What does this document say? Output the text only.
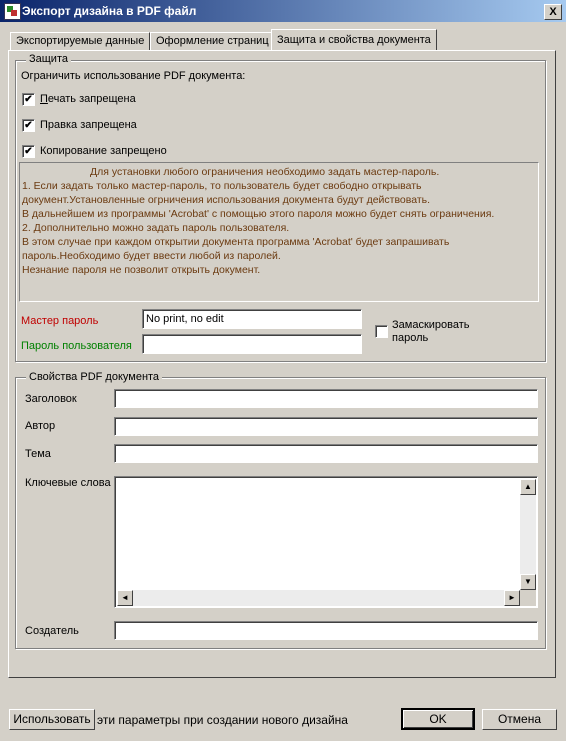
Экспорт дизайна в PDF файл	X
Экспортируемые данные	Оформление страниц Защита и свойства документа
Защита
Ограничить использование PDF документа:
✔ Печать запрещена
✔ Правка запрещена
✔ Копирование запрещено
Для установки любого ограничения необходимо задать мастер-пароль.
1. Если задать только мастер-пароль, то пользователь будет свободно открывать
документ.Установленные огрничения использования документа будут действовать.
В дальнейшем из программы 'Acrobat' с помощью этого пароля можно будет снять ограничения.
2. Дополнительно можно задать пароль пользователя.
В этом случае при каждом открытии документа программа 'Acrobat' будет запрашивать
пароль.Необходимо будет ввести любой из паролей.
Незнание пароля не позволит открыть документ.
Мастер пароль	No print, no edit
Пароль пользователя
Замаскировать
пароль
Свойства PDF документа
Заголовок
Автор
Тема
Ключевые слова	▲
▼
◄	►
Создатель
Использовать эти параметры при создании нового дизайна	OK	Отмена
